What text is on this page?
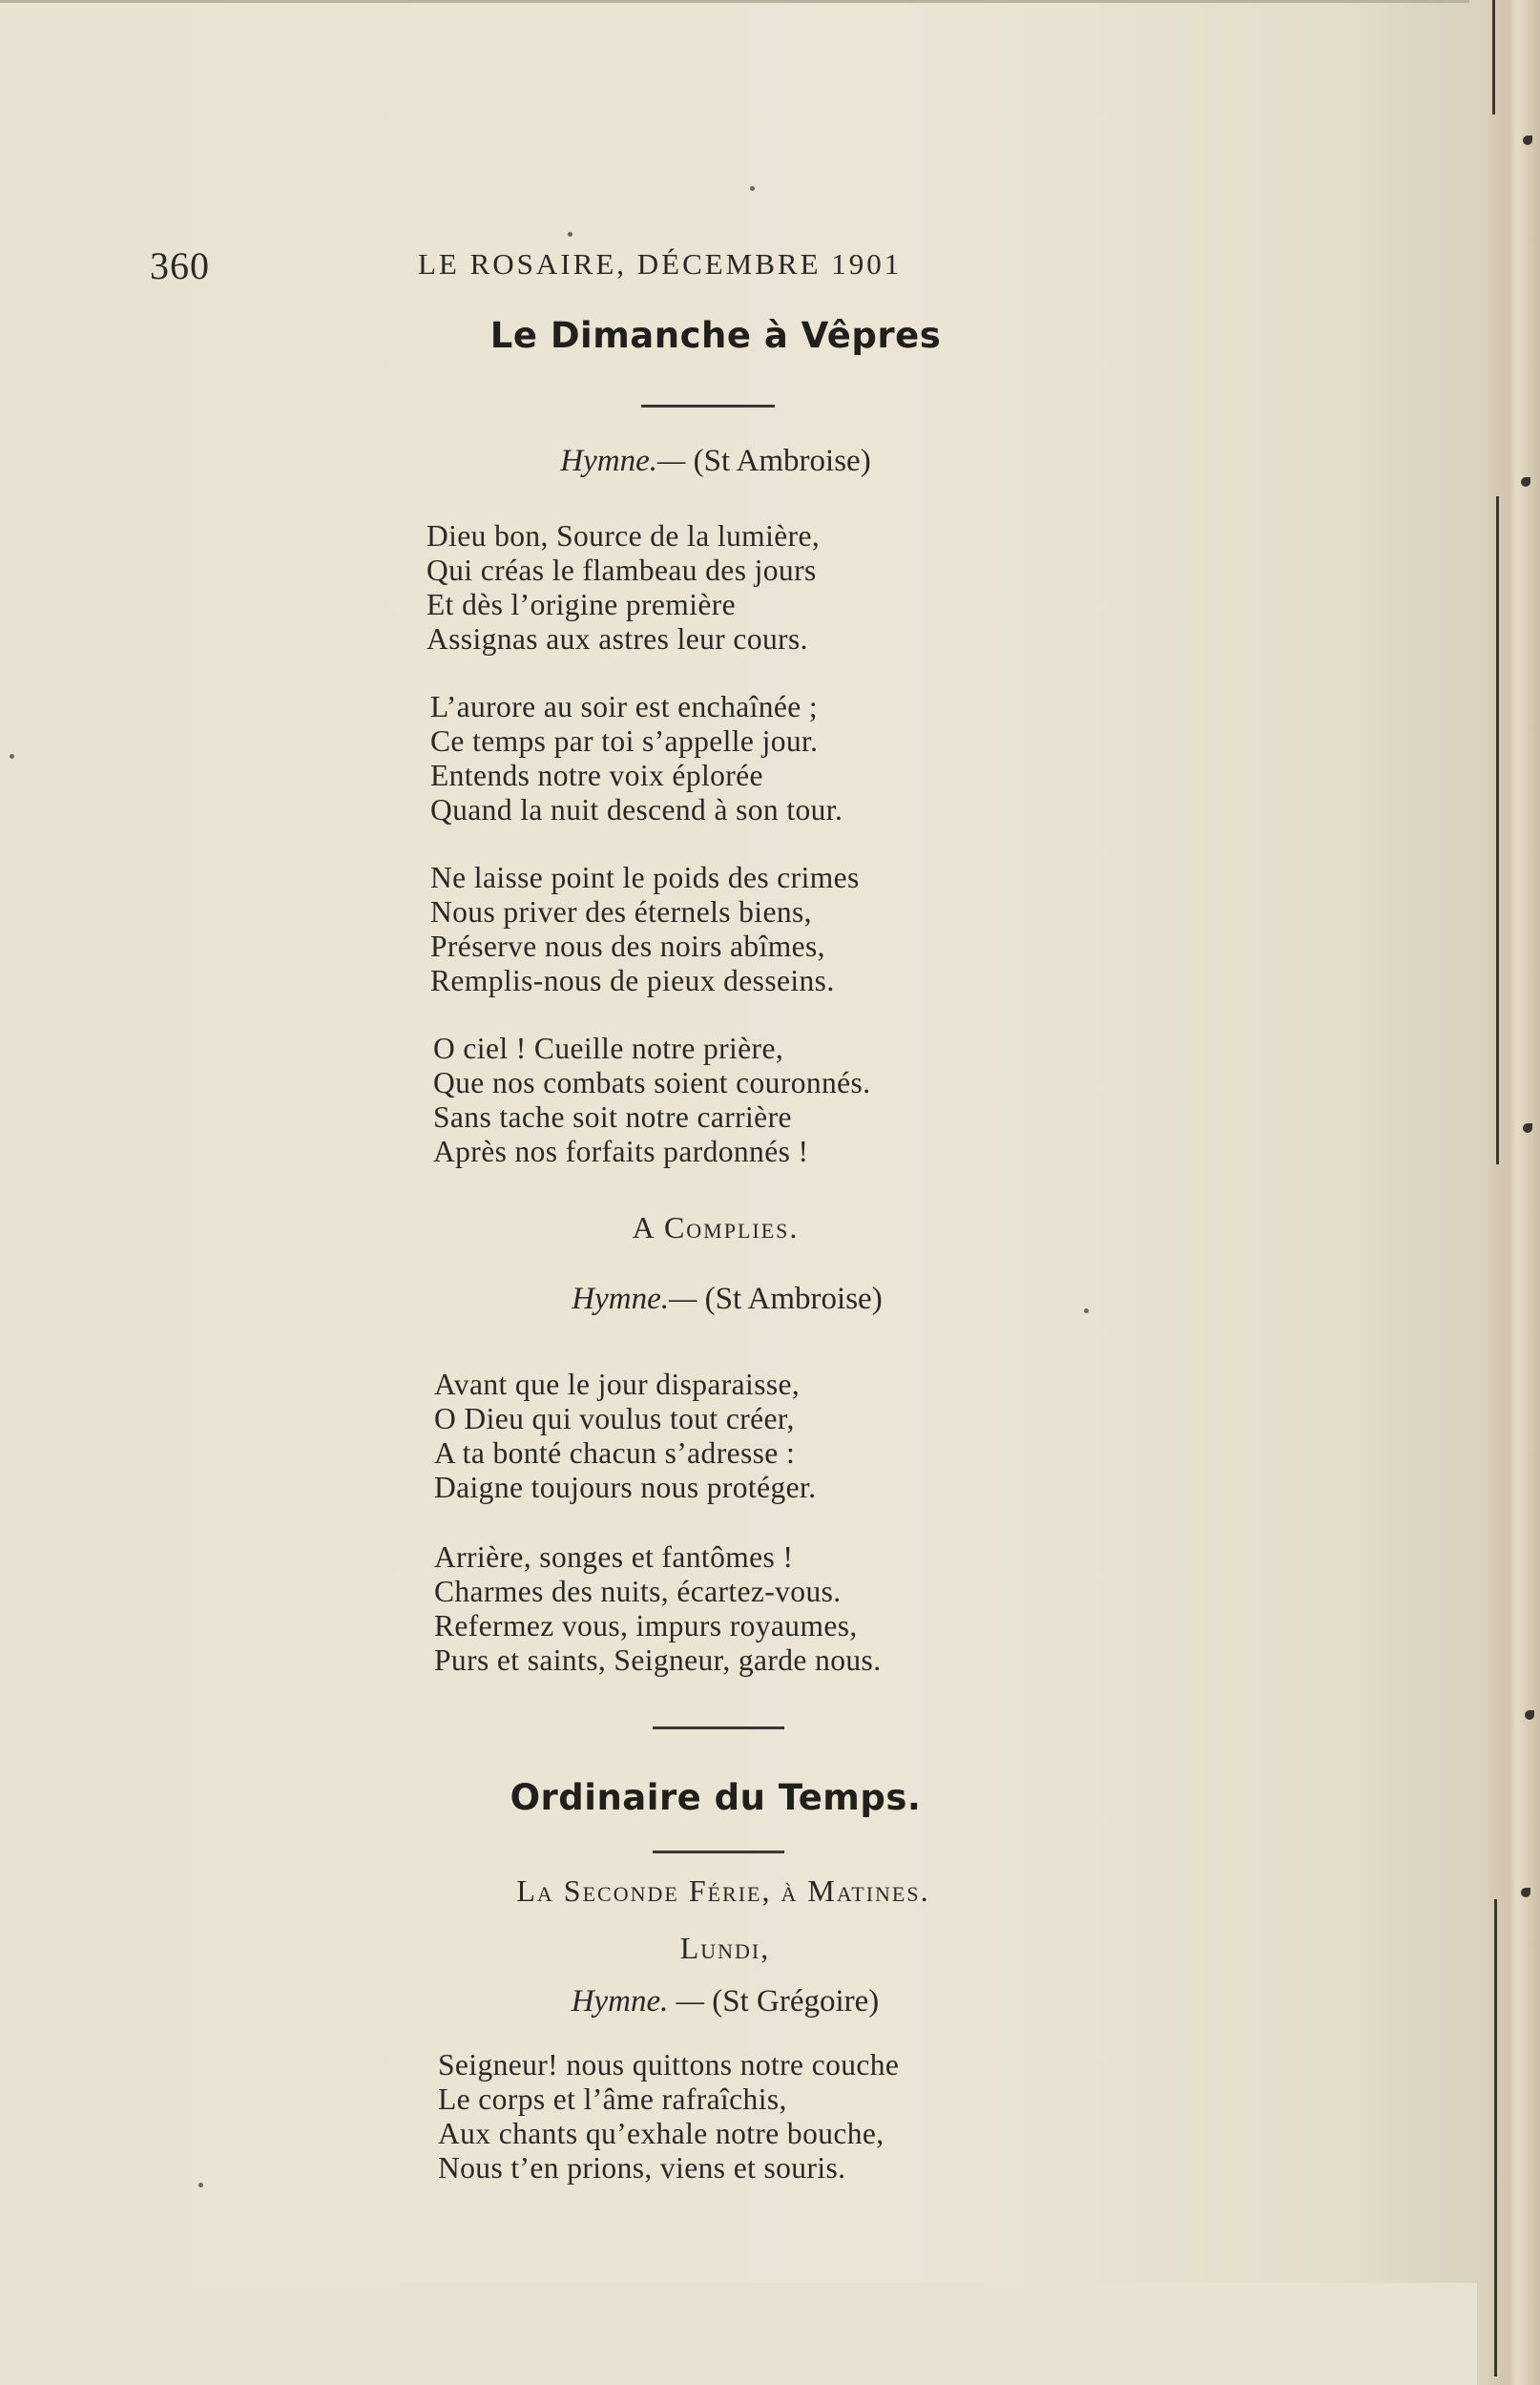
360	LE ROSAIRE, DÉCEMBRE 1901
Le Dimanche à Vêpres
Hymne.— (St Ambroise)
Dieu bon, Source de la lumière,
Qui créas le flambeau des jours
Et dès l’origine première
Assignas aux astres leur cours.
L’aurore au soir est enchaînée ;
Ce temps par toi s’appelle jour.
Entends notre voix éplorée
Quand la nuit descend à son tour.
Ne laisse point le poids des crimes
Nous priver des éternels biens,
Préserve nous des noirs abîmes,
Remplis-nous de pieux desseins.
O ciel ! Cueille notre prière,
Que nos combats soient couronnés.
Sans tache soit notre carrière
Après nos forfaits pardonnés !
A Complies.
Hymne.— (St Ambroise)
Avant que le jour disparaisse,
O Dieu qui voulus tout créer,
A ta bonté chacun s’adresse :
Daigne toujours nous protéger.
Arrière, songes et fantômes !
Charmes des nuits, écartez-vous.
Refermez vous, impurs royaumes,
Purs et saints, Seigneur, garde nous.
Ordinaire du Temps.
La Seconde Férie, à Matines.
Lundi,
Hymne. — (St Grégoire)
Seigneur! nous quittons notre couche
Le corps et l’âme rafraîchis,
Aux chants qu’exhale notre bouche,
Nous t’en prions, viens et souris.
